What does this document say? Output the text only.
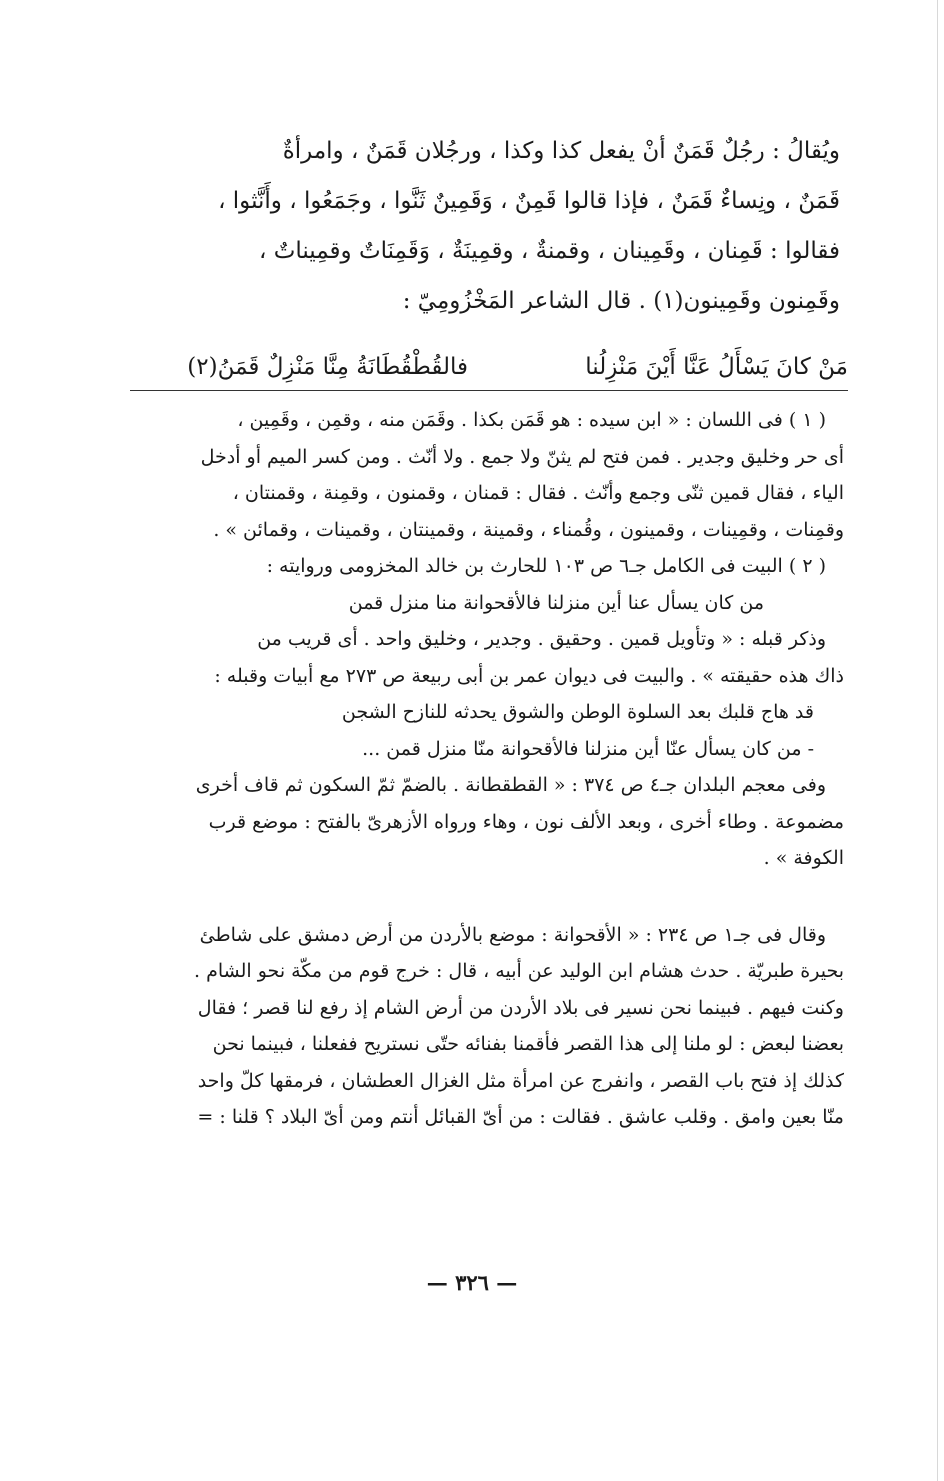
ويُقالُ : رجُلٌ قَمَنٌ أنْ يفعل كذا وكذا ، ورجُلان قَمَنٌ ، وامرأةٌ

قَمَنٌ ، ونِساءٌ قَمَنٌ ، فإذا قالوا قَمِنٌ ، وَقَمِينٌ ثَنَّوا ، وجَمَعُوا ، وأَنَّثوا ،

فقالوا : قَمِنان ، وقَمِينان ، وقمنةٌ ، وقمِينَةٌ ، وَقَمِنَاتٌ وقمِيناتٌ ،

وقَمِنون وقَمِينون(١) . قال الشاعر المَخْزُومِيّ :

مَنْ كانَ يَسْأَلُ عَنَّا أَيْنَ مَنْزِلُنا
فالقُطْقُطَانَةُ مِنَّا مَنْزِلٌ قَمَنُ(٢)

( ١ ) فى اللسان : « ابن سيده : هو قَمَن بكذا . وقَمَن منه ، وقمِن ، وقَمِين ،

أى حر وخليق وجدير . فمن فتح لم يثنّ ولا جمع . ولا أنّث . ومن كسر الميم أو أدخل

الياء ، فقال قمين ثنّى وجمع وأنّث . فقال : قمنان ، وقمنون ، وقمِنة ، وقمنتان ،

وقمِنات ، وقمِينات ، وقمينون ، وقُمناء ، وقمينة ، وقمينتان ، وقمينات ، وقمائن » .

( ٢ ) البيت فى الكامل جـ٦ ص ١٠٣ للحارث بن خالد المخزومى وروايته :

من كان يسأل عنا أين منزلنا فالأقحوانة منا منزل قمن

وذكر قبله : « وتأويل قمين . وحقيق . وجدير ، وخليق واحد . أى قريب من

ذاك هذه حقيقته » . والبيت فى ديوان عمر بن أبى ربيعة ص ٢٧٣ مع أبيات وقبله :

قد هاج قلبك بعد السلوة الوطن والشوق يحدثه للنازح الشجن

- من كان يسأل عنّا أين منزلنا فالأقحوانة منّا منزل قمن ...

وفى معجم البلدان جـ٤ ص ٣٧٤ : « القطقطانة . بالضمّ ثمّ السكون ثم قاف أخرى

مضموعة . وطاء أخرى ، وبعد الألف نون ، وهاء ورواه الأزهرىّ بالفتح : موضع قرب

الكوفة » .

وقال فى جـ١ ص ٢٣٤ : « الأقحوانة : موضع بالأردن من أرض دمشق على شاطئ

بحيرة طبريّة . حدث هشام ابن الوليد عن أبيه ، قال : خرج قوم من مكّة نحو الشام .

وكنت فيهم . فبينما نحن نسير فى بلاد الأردن من أرض الشام إذ رفع لنا قصر ؛ فقال

بعضنا لبعض : لو ملنا إلى هذا القصر فأقمنا بفنائه حتّى نستريح ففعلنا ، فبينما نحن

كذلك إذ فتح باب القصر ، وانفرج عن امرأة مثل الغزال العطشان ، فرمقها كلّ واحد

منّا بعين وامق . وقلب عاشق . فقالت : من أىّ القبائل أنتم ومن أىّ البلاد ؟ قلنا : =

— ٣٢٦ —
